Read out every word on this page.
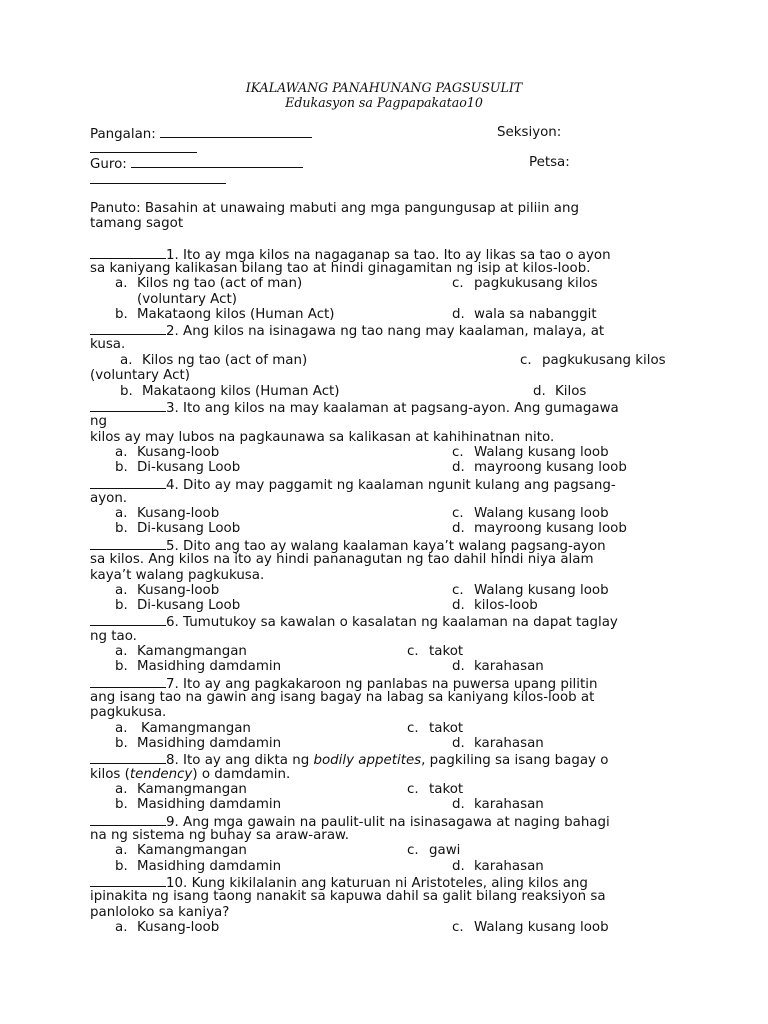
IKALAWANG PANAHUNANG PAGSUSULIT
Edukasyon sa Pagpapakatao10
Pangalan:	Seksiyon:
Guro:	Petsa:
Panuto: Basahin at unawaing mabuti ang mga pangungusap at piliin ang
tamang sagot
1. Ito ay mga kilos na nagaganap sa tao. Ito ay likas sa tao o ayon
sa kaniyang kalikasan bilang tao at hindi ginagamitan ng isip at kilos-loob.
a. Kilos ng tao (act of man)	c. pagkukusang kilos
(voluntary Act)
b. Makataong kilos (Human Act)	d. wala sa nabanggit
2. Ang kilos na isinagawa ng tao nang may kaalaman, malaya, at
kusa.
a. Kilos ng tao (act of man)	c. pagkukusang kilos
(voluntary Act)
b. Makataong kilos (Human Act)	d. Kilos
3. Ito ang kilos na may kaalaman at pagsang-ayon. Ang gumagawa
ng
kilos ay may lubos na pagkaunawa sa kalikasan at kahihinatnan nito.
a. Kusang-loob	c. Walang kusang loob
b. Di-kusang Loob	d. mayroong kusang loob
4. Dito ay may paggamit ng kaalaman ngunit kulang ang pagsang-
ayon.
a. Kusang-loob	c. Walang kusang loob
b. Di-kusang Loob	d. mayroong kusang loob
5. Dito ang tao ay walang kaalaman kaya’t walang pagsang-ayon
sa kilos. Ang kilos na ito ay hindi pananagutan ng tao dahil hindi niya alam
kaya’t walang pagkukusa.
a. Kusang-loob	c. Walang kusang loob
b. Di-kusang Loob	d. kilos-loob
6. Tumutukoy sa kawalan o kasalatan ng kaalaman na dapat taglay
ng tao.
a. Kamangmangan	c. takot
b. Masidhing damdamin	d. karahasan
7. Ito ay ang pagkakaroon ng panlabas na puwersa upang pilitin
ang isang tao na gawin ang isang bagay na labag sa kaniyang kilos-loob at
pagkukusa.
a. Kamangmangan	c. takot
b. Masidhing damdamin	d. karahasan
8. Ito ay ang dikta ng bodily appetites, pagkiling sa isang bagay o
kilos (tendency) o damdamin.
a. Kamangmangan	c. takot
b. Masidhing damdamin	d. karahasan
9. Ang mga gawain na paulit-ulit na isinasagawa at naging bahagi
na ng sistema ng buhay sa araw-araw.
a. Kamangmangan	c. gawi
b. Masidhing damdamin	d. karahasan
10. Kung kikilalanin ang katuruan ni Aristoteles, aling kilos ang
ipinakita ng isang taong nanakit sa kapuwa dahil sa galit bilang reaksiyon sa
panloloko sa kaniya?
a. Kusang-loob	c. Walang kusang loob
